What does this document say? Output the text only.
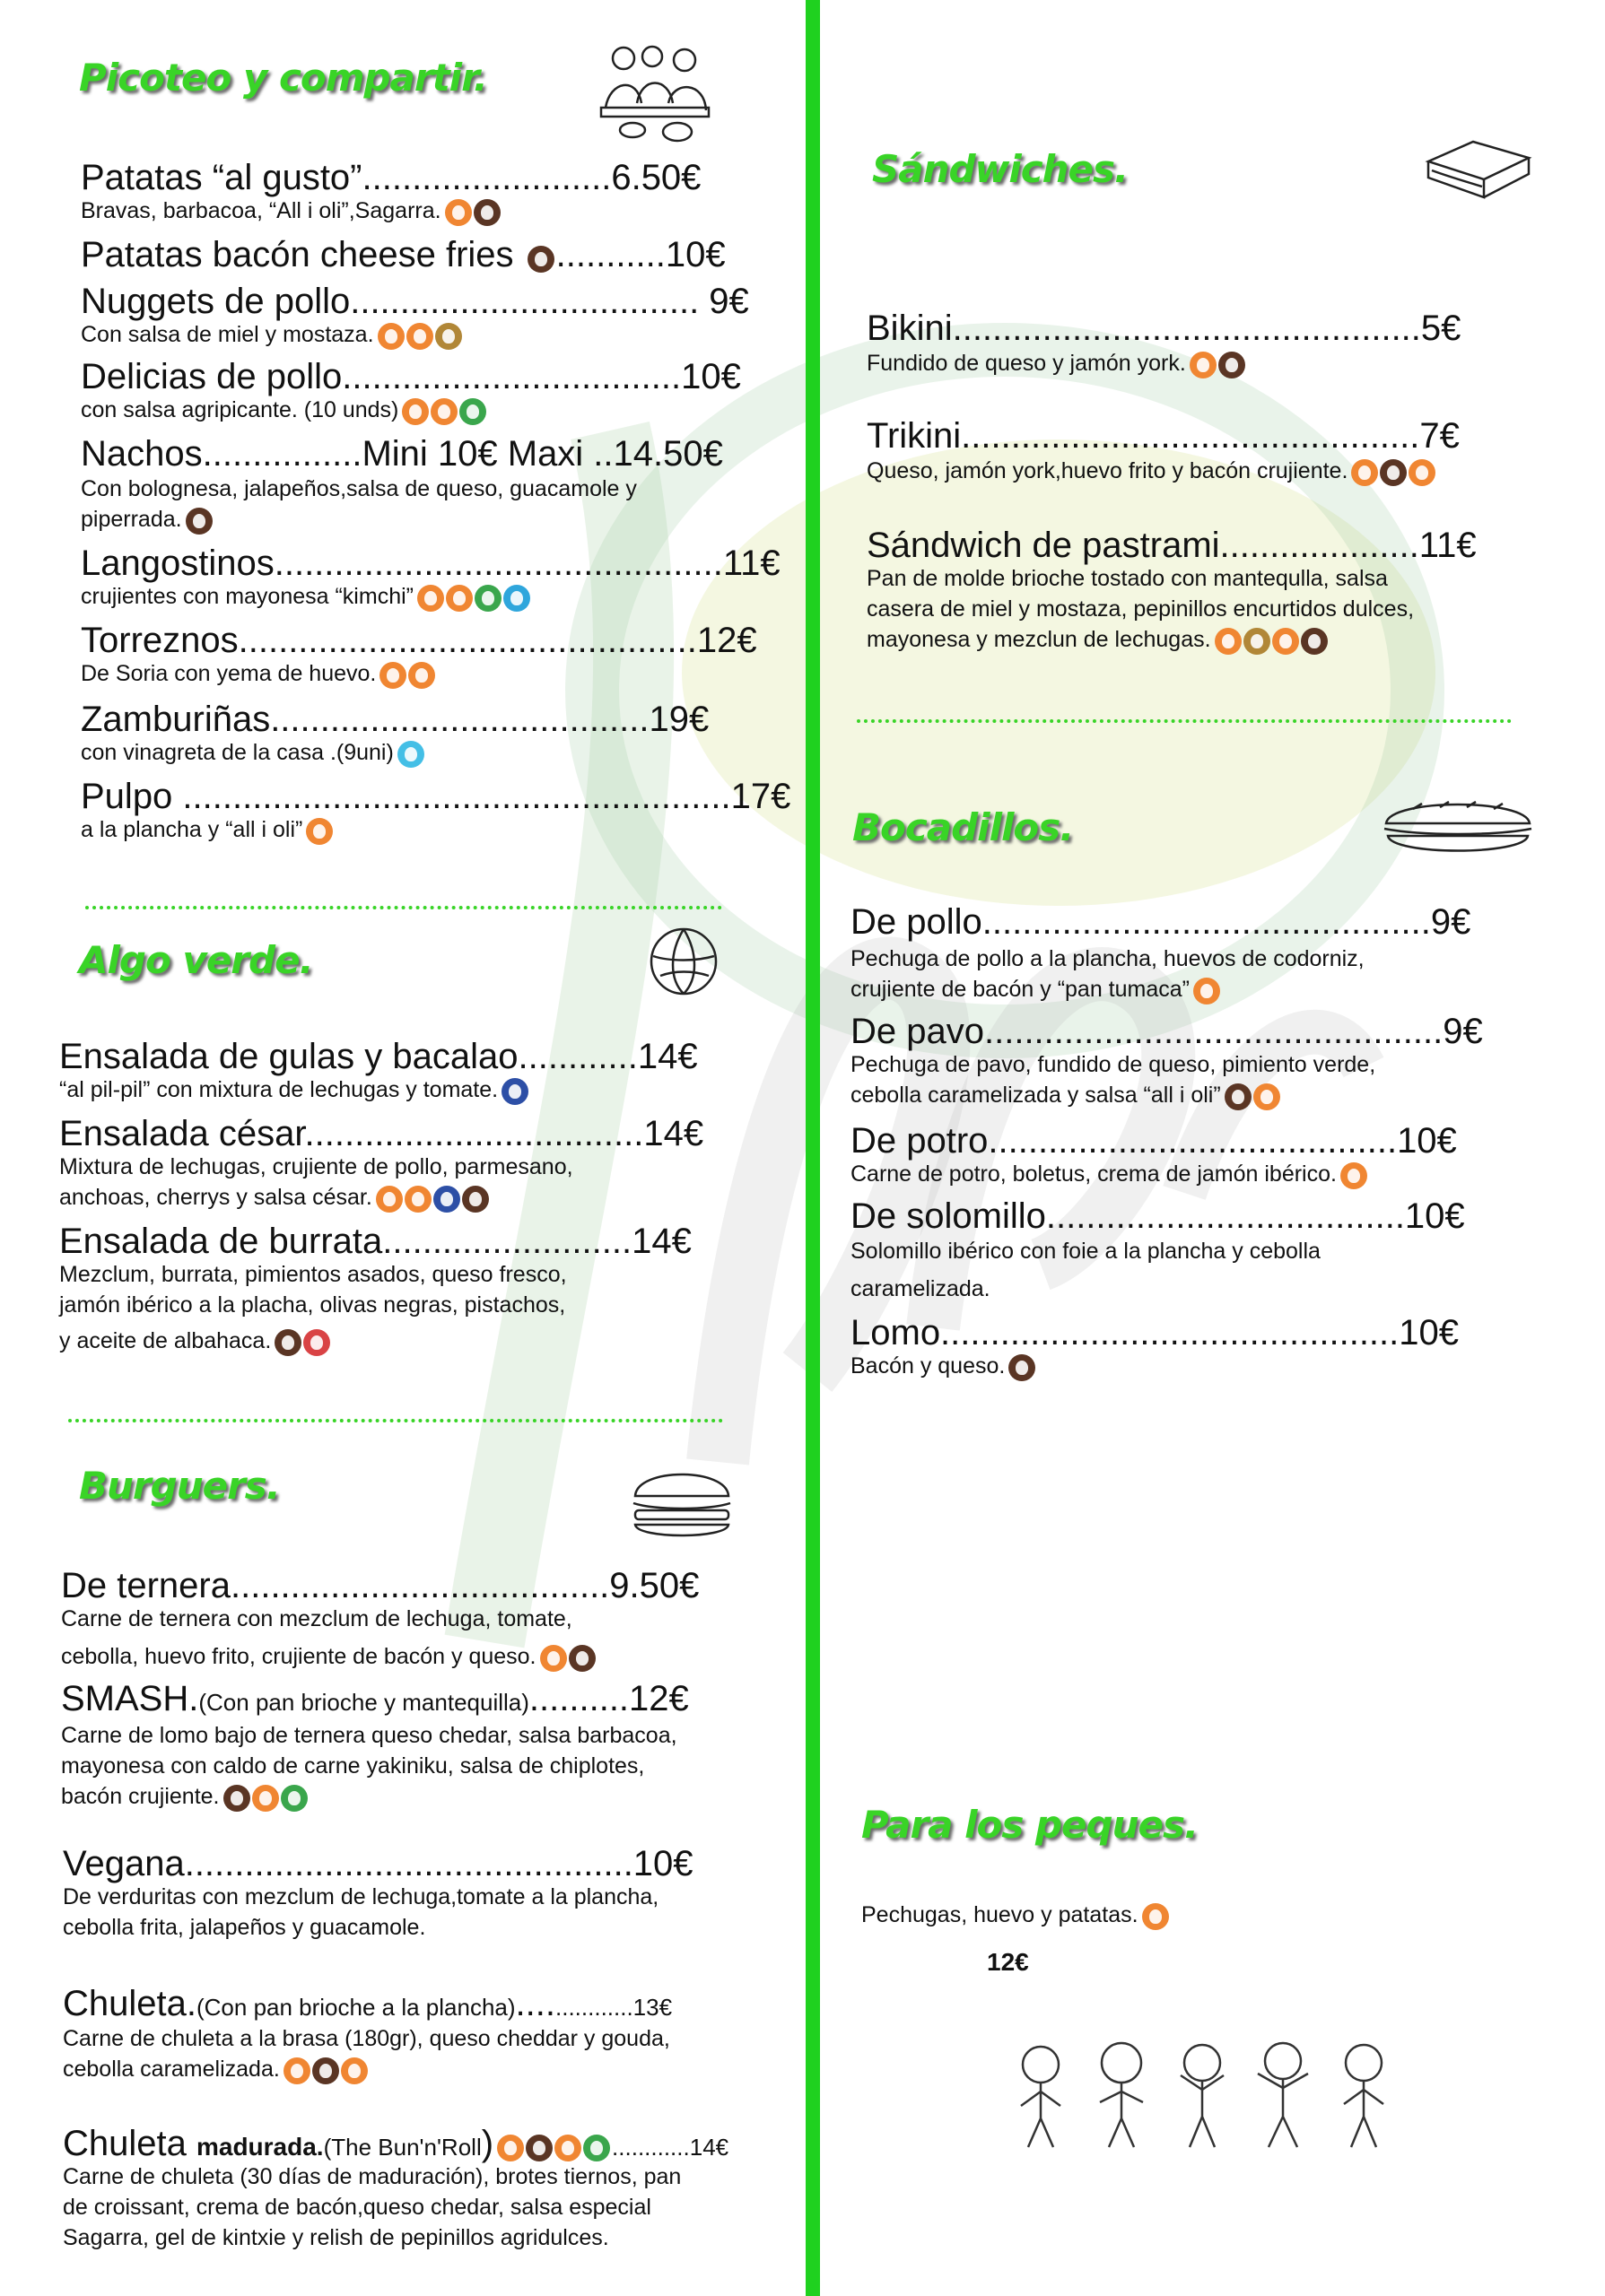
Picoteo y compartir.
Patatas “al gusto”.........................6.50€
Bravas, barbacoa, “All i oli”,Sagarra.
Patatas bacón cheese fries ...........10€
Nuggets de pollo................................... 9€
Con salsa de miel y mostaza.
Delicias de pollo..................................10€
con salsa agripicante. (10 unds)
Nachos................Mini 10€ Maxi ..14.50€
Con bolognesa, jalapeños,salsa de queso, guacamole y
piperrada.
Langostinos.............................................11€
crujientes con mayonesa “kimchi”
Torreznos..............................................12€
De Soria con yema de huevo.
Zamburiñas......................................19€
con vinagreta de la casa .(9uni)
Pulpo .......................................................17€
a la plancha y “all i oli”
Algo verde.
Ensalada de gulas y bacalao............14€
“al pil-pil” con mixtura de lechugas y tomate.
Ensalada césar..................................14€
Mixtura de lechugas, crujiente de pollo, parmesano,
anchoas, cherrys y salsa césar.
Ensalada de burrata.........................14€
Mezclum, burrata, pimientos asados, queso fresco,
jamón ibérico a la placha, olivas negras, pistachos,
y aceite de albahaca.
Burguers.
De ternera......................................9.50€
Carne de ternera con mezclum de lechuga, tomate,
cebolla, huevo frito, crujiente de bacón y queso.
SMASH.(Con pan brioche y mantequilla)..........12€
Carne de lomo bajo de ternera queso chedar, salsa barbacoa,
mayonesa con caldo de carne yakiniku, salsa de chiplotes,
bacón crujiente.
Vegana.............................................10€
De verduritas con mezclum de lechuga,tomate a la plancha,
cebolla frita, jalapeños y guacamole.
Chuleta.(Con pan brioche a la plancha)................13€
Carne de chuleta a la brasa (180gr), queso cheddar y gouda,
cebolla caramelizada.
Chuleta madurada.(The Bun'n'Roll)	............14€
Carne de chuleta (30 días de maduración), brotes tiernos, pan
de croissant, crema de bacón,queso chedar, salsa especial
Sagarra, gel de kintxie y relish de pepinillos agridulces.
Sándwiches.
Bikini...............................................5€
Fundido de queso y jamón york.
Trikini..............................................7€
Queso, jamón york,huevo frito y bacón crujiente.
Sándwich de pastrami....................11€
Pan de molde brioche tostado con mantequlla, salsa
casera de miel y mostaza, pepinillos encurtidos dulces,
mayonesa y mezclun de lechugas.
Bocadillos.
De pollo.............................................9€
Pechuga de pollo a la plancha, huevos de codorniz,
crujiente de bacón y “pan tumaca”
De pavo..............................................9€
Pechuga de pavo, fundido de queso, pimiento verde,
cebolla caramelizada y salsa “all i oli”
De potro.........................................10€
Carne de potro, boletus, crema de jamón ibérico.
De solomillo....................................10€
Solomillo ibérico con foie a la plancha y cebolla
caramelizada.
Lomo..............................................10€
Bacón y queso.
Para los peques.
Pechugas, huevo y patatas.
12€
